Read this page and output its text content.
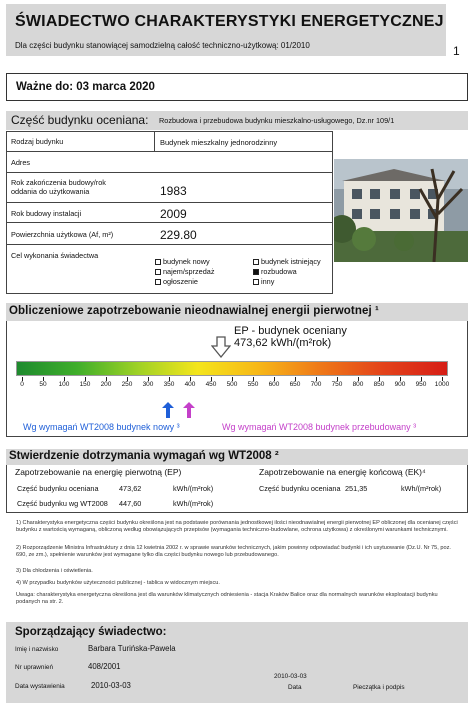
ŚWIADECTWO CHARAKTERYSTYKI ENERGETYCZNEJ
Dla części budynku stanowiącej samodzielną całość techniczno-użytkową: 01/2010	1
Ważne do: 03 marca 2020
Część budynku oceniana: Rozbudowa i przebudowa budynku mieszkalno-usługowego, Dz.nr 109/1
Rodzaj budynku	Budynek mieszkalny jednorodzinny
Adres
Rok zakończenia budowy/rok
oddania do użytkowania	1983
Rok budowy instalacji	2009
Powierzchnia użytkowa (Af, m²)	229.80
Cel wykonania świadectwa
budynek nowy	budynek istniejący
najem/sprzedaż	rozbudowa
ogłoszenie	inny
Obliczeniowe zapotrzebowanie nieodnawialnej energii pierwotnej ¹
EP - budynek oceniany
473,62 kWh/(m²rok)
0 50 100 150 200 250 300 350 400 450 500 550 600 650 700 750 800 850 900 950 1000
Wg wymagań WT2008 budynek nowy ³	Wg wymagań WT2008 budynek przebudowany ³
Stwierdzenie dotrzymania wymagań wg WT2008 ²
Zapotrzebowanie na energię pierwotną (EP)	Zapotrzebowanie na energię końcową (EK)⁴
Część budynku oceniana	473,62	kWh/(m²rok)
Część budynku wg WT2008 447,60	kWh/(m²rok)
Część budynku oceniana 251,35	kWh/(m²rok)
1) Charakterystyka energetyczna części budynku określona jest na podstawie porównania jednostkowej ilości nieodnawialnej energii pierwotnej EP obliczonej dla ocenianej części budynku z wartością wymaganą, obliczoną według obowiązujących przepisów (wymagania techniczno-budowlane, ochrona użytkowa) z określonymi warunkami technicznymi.
2) Rozporządzenie Ministra Infrastruktury z dnia 12 kwietnia 2002 r. w sprawie warunków technicznych, jakim powinny odpowiadać budynki i ich usytuowanie (Dz.U. Nr 75, poz. 690, ze zm.), spełnienie warunków jest wymagane tylko dla części budynku nowego lub przebudowanego.
3) Dla chłodzenia i oświetlenia.
4) W przypadku budynków użyteczności publicznej - tablica w widocznym miejscu.
Uwaga: charakterystyka energetyczna określona jest dla warunków klimatycznych odniesienia - stacja Kraków Balice oraz dla normalnych warunków eksploatacji budynku podanych na str. 2.
Sporządzający świadectwo:
Imię i nazwisko	Barbara Turińska-Pawela
Nr uprawnień	408/2001
Data wystawienia	2010-03-03
2010-03-03
Data	Pieczątka i podpis
